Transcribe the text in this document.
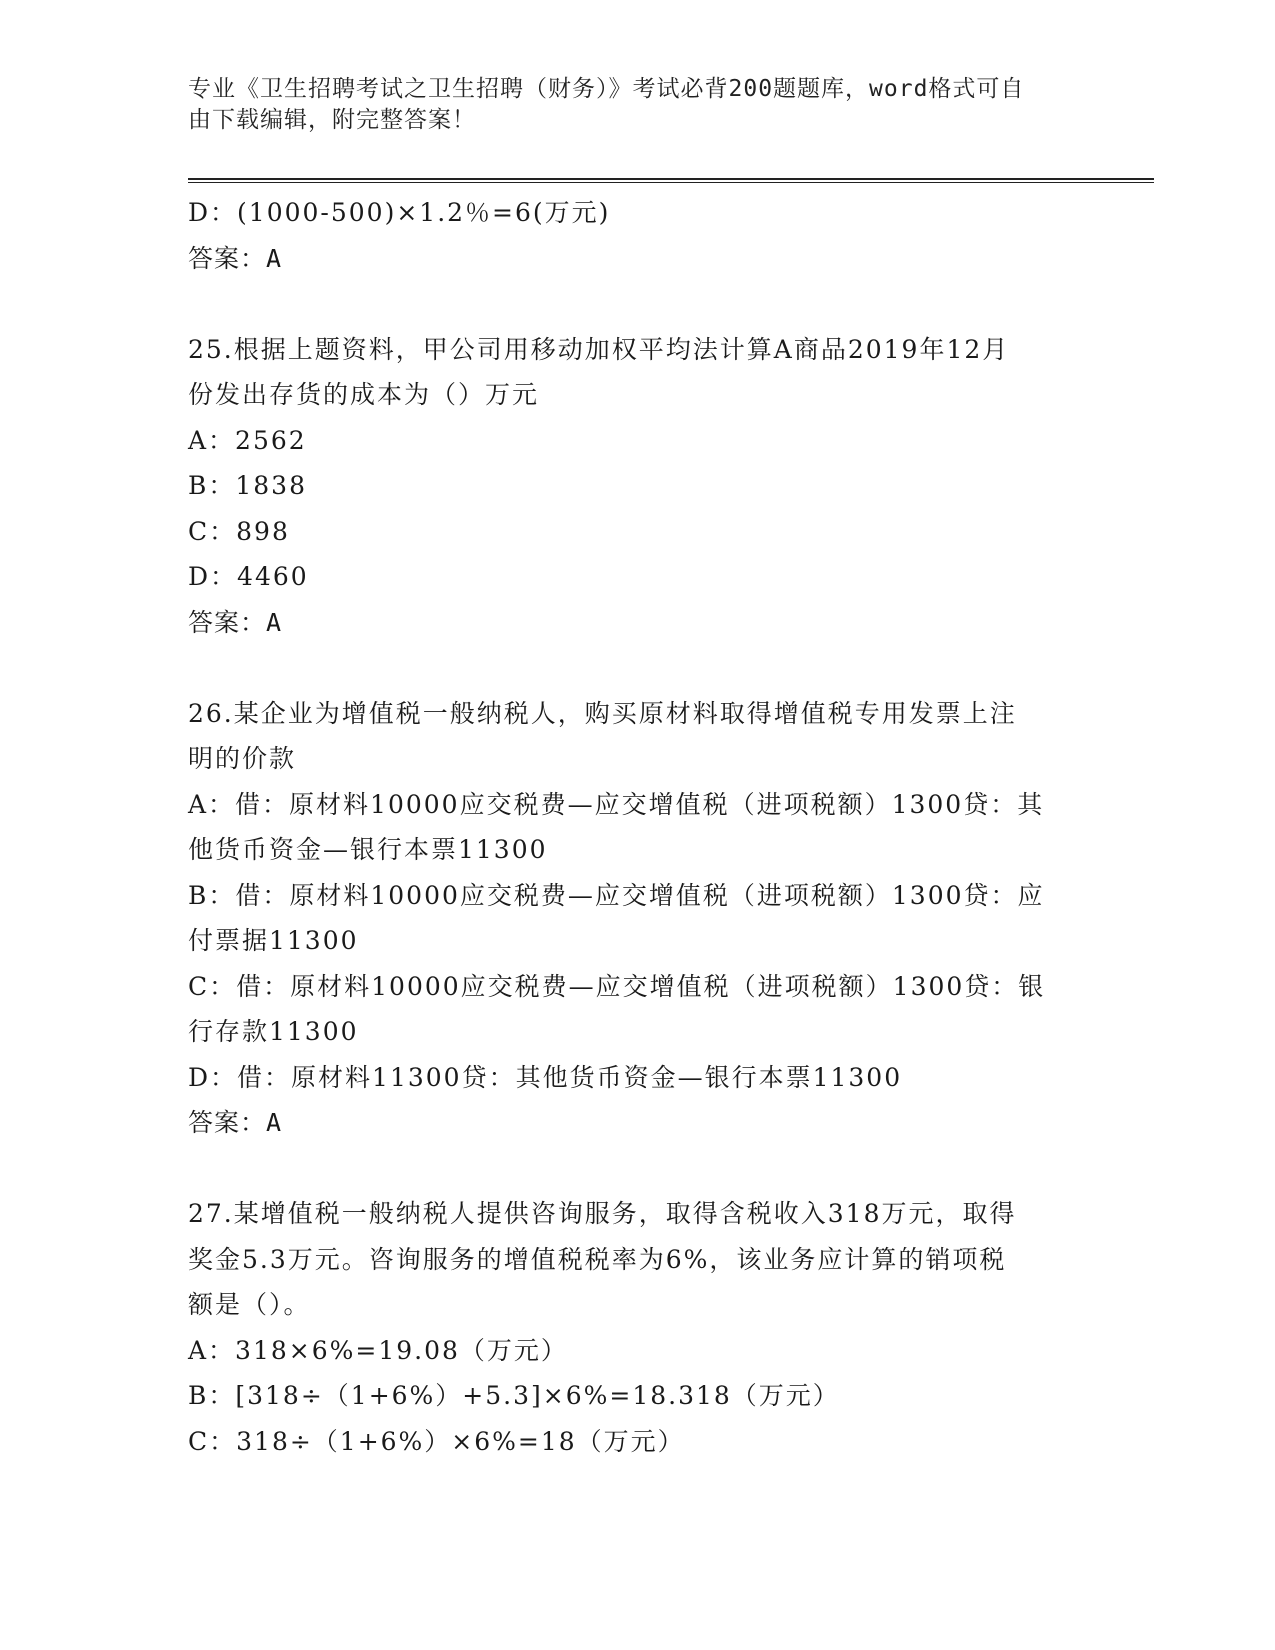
专业《卫生招聘考试之卫生招聘（财务）》考试必背200题题库，word格式可自
由下载编辑，附完整答案！
D：(1000-500)×1.2％=6(万元)
答案：A
25.根据上题资料，甲公司用移动加权平均法计算A商品2019年12月
份发出存货的成本为（）万元
A：2562
B：1838
C：898
D：4460
答案：A
26.某企业为增值税一般纳税人，购买原材料取得增值税专用发票上注
明的价款
A：借：原材料10000应交税费—应交增值税（进项税额）1300贷：其
他货币资金—银行本票11300
B：借：原材料10000应交税费—应交增值税（进项税额）1300贷：应
付票据11300
C：借：原材料10000应交税费—应交增值税（进项税额）1300贷：银
行存款11300
D：借：原材料11300贷：其他货币资金—银行本票11300
答案：A
27.某增值税一般纳税人提供咨询服务，取得含税收入318万元，取得
奖金5.3万元。咨询服务的增值税税率为6%，该业务应计算的销项税
额是（）。
A：318×6%=19.08（万元）
B：[318÷（1+6%）+5.3]×6%=18.318（万元）
C：318÷（1+6%）×6%=18（万元）
